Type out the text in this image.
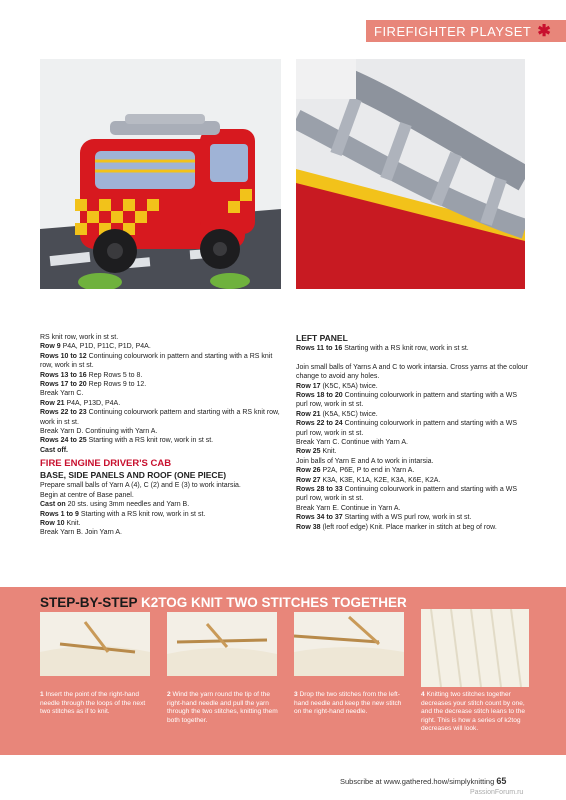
FIREFIGHTER PLAYSET ✱

RS knit row, work in st st.

Row 9 P4A, P1D, P11C, P1D, P4A.

Rows 10 to 12 Continuing colourwork in pattern and starting with a RS knit row, work in st st.

Rows 13 to 16 Rep Rows 5 to 8.

Rows 17 to 20 Rep Rows 9 to 12.

Break Yarn C.

Row 21 P4A, P13D, P4A.

Rows 22 to 23 Continuing colourwork pattern and starting with a RS knit row, work in st st.

Break Yarn D. Continuing with Yarn A.

Rows 24 to 25 Starting with a RS knit row, work in st st.

Cast off.

FIRE ENGINE DRIVER'S CAB
BASE, SIDE PANELS AND ROOF (ONE PIECE)

Prepare small balls of Yarn A (4), C (2) and E (3) to work intarsia.

Begin at centre of Base panel.

Cast on 20 sts. using 3mm needles and Yarn B.

Rows 1 to 9 Starting with a RS knit row, work in st st.

Row 10 Knit.

Break Yarn B. Join Yarn A.

LEFT PANEL

Rows 11 to 16 Starting with a RS knit row, work in st st.

Join small balls of Yarns A and C to work intarsia. Cross yarns at the colour change to avoid any holes.

Row 17 (K5C, K5A) twice.

Rows 18 to 20 Continuing colourwork in pattern and starting with a WS purl row, work in st st.

Row 21 (K5A, K5C) twice.

Rows 22 to 24 Continuing colourwork in pattern and starting with a WS purl row, work in st st.

Break Yarn C. Continue with Yarn A.

Row 25 Knit.

Join balls of Yarn E and A to work in intarsia.

Row 26 P2A, P6E, P to end in Yarn A.

Row 27 K3A, K3E, K1A, K2E, K3A, K6E, K2A.

Rows 28 to 33 Continuing colourwork in pattern and starting with a WS purl row, work in st st.

Break Yarn E. Continue in Yarn A.

Rows 34 to 37 Starting with a WS purl row, work in st st.

Row 38 (left roof edge) Knit. Place marker in stitch at beg of row.

STEP-BY-STEP K2TOG KNIT TWO STITCHES TOGETHER
1 Insert the point of the right-hand needle through the loops of the next two stitches as if to knit.
2 Wind the yarn round the tip of the right-hand needle and pull the yarn through the two stitches, knitting them both together.
3 Drop the two stitches from the left-hand needle and keep the new stitch on the right-hand needle.
4 Knitting two stitches together decreases your stitch count by one, and the decrease stitch leans to the right. This is how a series of k2tog decreases will look.
Subscribe at www.gathered.how/simplyknitting 65
PassionForum.ru
